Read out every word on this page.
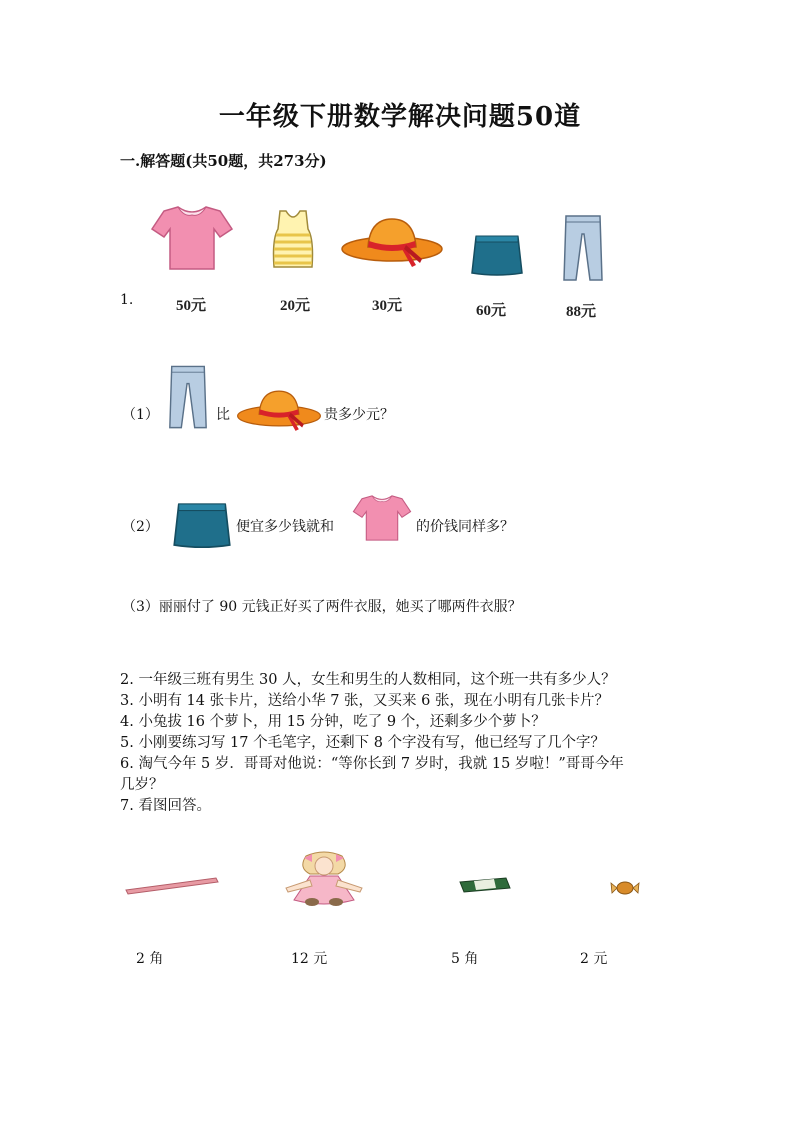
一年级下册数学解决问题50道
一.解答题(共50题，共273分)
1.	50元	20元	30元	60元	88元
（1）	比	贵多少元？
（2）	便宜多少钱就和	的价钱同样多？
（3）丽丽付了 90 元钱正好买了两件衣服，她买了哪两件衣服？
2. 一年级三班有男生 30 人，女生和男生的人数相同，这个班一共有多少人？
3. 小明有 14 张卡片，送给小华 7 张，又买来 6 张，现在小明有几张卡片？
4. 小兔拔 16 个萝卜，用 15 分钟，吃了 9 个，还剩多少个萝卜？
5. 小刚要练习写 17 个毛笔字，还剩下 8 个字没有写，他已经写了几个字？
6. 淘气今年 5 岁．哥哥对他说：“等你长到 7 岁时，我就 15 岁啦！”哥哥今年
几岁？
7. 看图回答。
2 角	12 元	5 角	2 元
